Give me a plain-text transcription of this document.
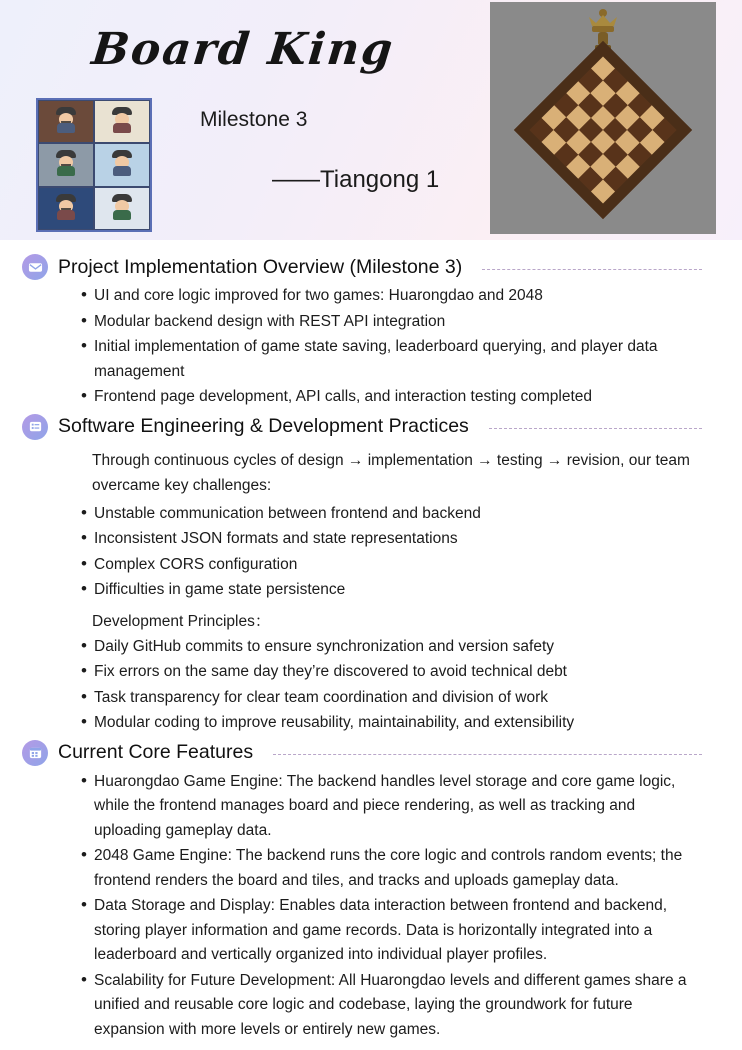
Board King
Milestone 3
——Tiangong 1
Project Implementation Overview (Milestone 3)
• UI and core logic improved for two games: Huarongdao and 2048
• Modular backend design with REST API integration
• Initial implementation of game state saving, leaderboard querying, and player data management
• Frontend page development, API calls, and interaction testing completed
Software Engineering & Development Practices

Through continuous cycles of design → implementation → testing → revision, our team overcame key challenges:

• Unstable communication between frontend and backend
• Inconsistent JSON formats and state representations
• Complex CORS configuration
• Difficulties in game state persistence

Development Principles：

• Daily GitHub commits to ensure synchronization and version safety
• Fix errors on the same day they’re discovered to avoid technical debt
• Task transparency for clear team coordination and division of work
• Modular coding to improve reusability, maintainability, and extensibility
Current Core Features
• Huarongdao Game Engine: The backend handles level storage and core game logic, while the frontend manages board and piece rendering, as well as tracking and uploading gameplay data.
• 2048 Game Engine: The backend runs the core logic and controls random events; the frontend renders the board and tiles, and tracks and uploads gameplay data.
• Data Storage and Display: Enables data interaction between frontend and backend, storing player information and game records. Data is horizontally integrated into a leaderboard and vertically organized into individual player profiles.
• Scalability for Future Development: All Huarongdao levels and different games share a unified and reusable core logic and codebase, laying the groundwork for future expansion with more levels or entirely new games.
